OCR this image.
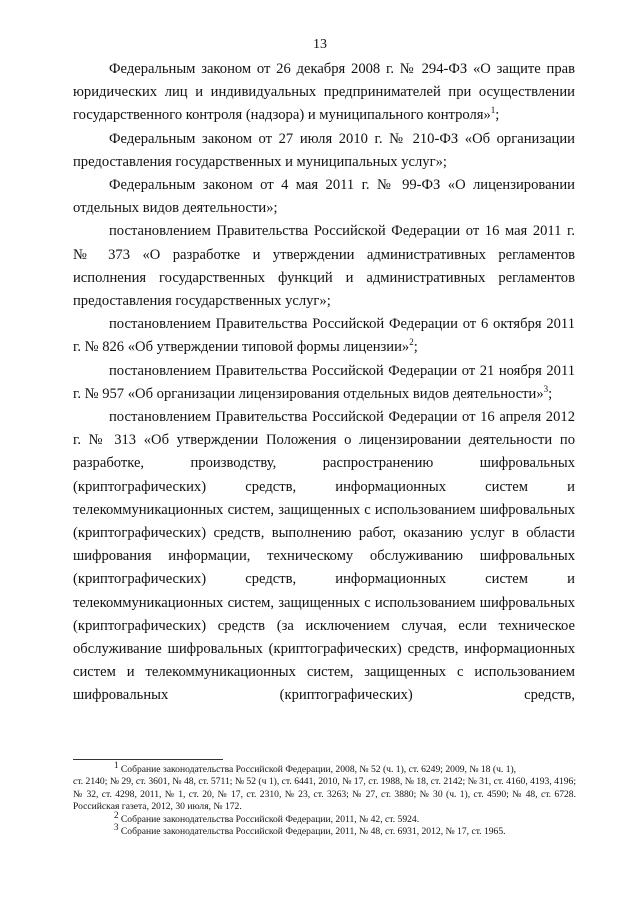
13

Федеральным законом от 26 декабря 2008 г. № 294-ФЗ «О защите прав юридических лиц и индивидуальных предпринимателей при осуществлении государственного контроля (надзора) и муниципального контроля»$^1$;

Федеральным законом от 27 июля 2010 г. № 210-ФЗ «Об организации предоставления государственных и муниципальных услуг»;

Федеральным законом от 4 мая 2011 г. № 99-ФЗ «О лицензировании отдельных видов деятельности»;

постановлением Правительства Российской Федерации от 16 мая 2011 г. № 373 «О разработке и утверждении административных регламентов исполнения государственных функций и административных регламентов предоставления государственных услуг»;

постановлением Правительства Российской Федерации от 6 октября 2011 г. № 826 «Об утверждении типовой формы лицензии»$^2$;

постановлением Правительства Российской Федерации от 21 ноября 2011 г. № 957 «Об организации лицензирования отдельных видов деятельности»$^3$;

постановлением Правительства Российской Федерации от 16 апреля 2012 г. № 313 «Об утверждении Положения о лицензировании деятельности по разработке, производству, распространению шифровальных (криптографических) средств, информационных систем и телекоммуникационных систем, защищенных с использованием шифровальных (криптографических) средств, выполнению работ, оказанию услуг в области шифрования информации, техническому обслуживанию шифровальных (криптографических) средств, информационных систем и телекоммуникационных систем, защищенных с использованием шифровальных (криптографических) средств (за исключением случая, если техническое обслуживание шифровальных (криптографических) средств, информационных систем и телекоммуникационных систем, защищенных с использованием шифровальных (криптографических) средств,

$^1$ Собрание законодательства Российской Федерации, 2008, № 52 (ч. 1), ст. 6249; 2009, № 18 (ч. 1),

ст. 2140; № 29, ст. 3601, № 48, ст. 5711; № 52 (ч 1), ст. 6441, 2010, № 17, ст. 1988, № 18, ст. 2142; № 31, ст. 4160, 4193, 4196; № 32, ст. 4298, 2011, № 1, ст. 20, № 17, ст. 2310, № 23, ст. 3263; № 27, ст. 3880; № 30 (ч. 1), ст. 4590; № 48, ст. 6728. Российская газета, 2012, 30 июля, № 172.

$^2$ Собрание законодательства Российской Федерации, 2011, № 42, ст. 5924.

$^3$ Собрание законодательства Российской Федерации, 2011, № 48, ст. 6931, 2012, № 17, ст. 1965.
